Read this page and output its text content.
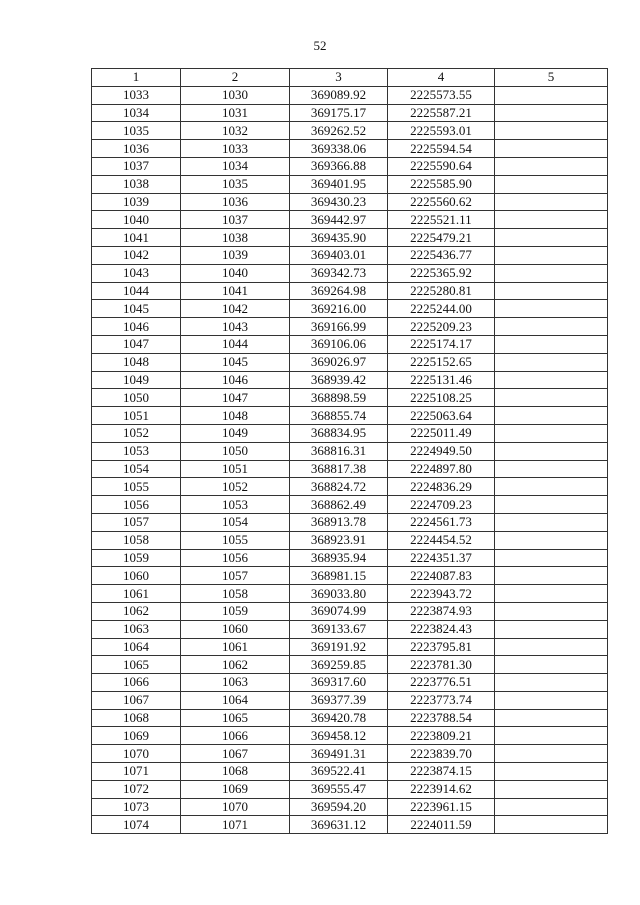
52
1	2	3	4	5
1033	1030	369089.92	2225573.55	
1034	1031	369175.17	2225587.21	
1035	1032	369262.52	2225593.01	
1036	1033	369338.06	2225594.54	
1037	1034	369366.88	2225590.64	
1038	1035	369401.95	2225585.90	
1039	1036	369430.23	2225560.62	
1040	1037	369442.97	2225521.11	
1041	1038	369435.90	2225479.21	
1042	1039	369403.01	2225436.77	
1043	1040	369342.73	2225365.92	
1044	1041	369264.98	2225280.81	
1045	1042	369216.00	2225244.00	
1046	1043	369166.99	2225209.23	
1047	1044	369106.06	2225174.17	
1048	1045	369026.97	2225152.65	
1049	1046	368939.42	2225131.46	
1050	1047	368898.59	2225108.25	
1051	1048	368855.74	2225063.64	
1052	1049	368834.95	2225011.49	
1053	1050	368816.31	2224949.50	
1054	1051	368817.38	2224897.80	
1055	1052	368824.72	2224836.29	
1056	1053	368862.49	2224709.23	
1057	1054	368913.78	2224561.73	
1058	1055	368923.91	2224454.52	
1059	1056	368935.94	2224351.37	
1060	1057	368981.15	2224087.83	
1061	1058	369033.80	2223943.72	
1062	1059	369074.99	2223874.93	
1063	1060	369133.67	2223824.43	
1064	1061	369191.92	2223795.81	
1065	1062	369259.85	2223781.30	
1066	1063	369317.60	2223776.51	
1067	1064	369377.39	2223773.74	
1068	1065	369420.78	2223788.54	
1069	1066	369458.12	2223809.21	
1070	1067	369491.31	2223839.70	
1071	1068	369522.41	2223874.15	
1072	1069	369555.47	2223914.62	
1073	1070	369594.20	2223961.15	
1074	1071	369631.12	2224011.59	
